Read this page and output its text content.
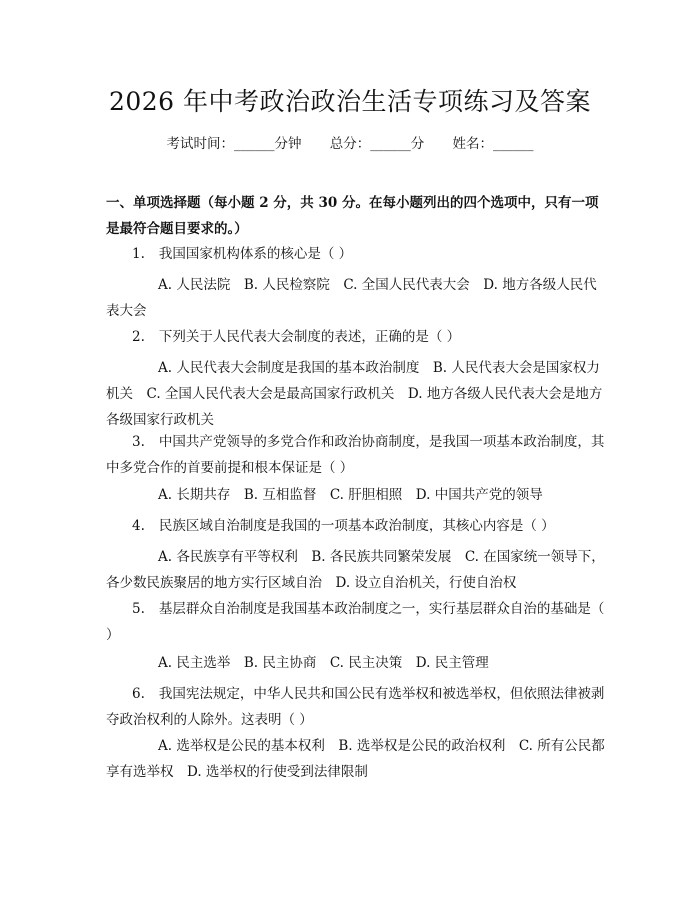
2026 年中考政治政治生活专项练习及答案
考试时间：______分钟 总分：______分 姓名：______
一、单项选择题（每小题 2 分，共 30 分。在每小题列出的四个选项中，只有一项是最符合题目要求的。）
1. 我国国家机构体系的核心是（ ）
A. 人民法院　B. 人民检察院　C. 全国人民代表大会　D. 地方各级人民代表大会
2. 下列关于人民代表大会制度的表述，正确的是（ ）
A. 人民代表大会制度是我国的基本政治制度　B. 人民代表大会是国家权力机关　C. 全国人民代表大会是最高国家行政机关　D. 地方各级人民代表大会是地方各级国家行政机关
3. 中国共产党领导的多党合作和政治协商制度，是我国一项基本政治制度，其中多党合作的首要前提和根本保证是（ ）
A. 长期共存　B. 互相监督　C. 肝胆相照　D. 中国共产党的领导
4. 民族区域自治制度是我国的一项基本政治制度，其核心内容是（ ）
A. 各民族享有平等权利　B. 各民族共同繁荣发展　C. 在国家统一领导下，各少数民族聚居的地方实行区域自治　D. 设立自治机关，行使自治权
5. 基层群众自治制度是我国基本政治制度之一，实行基层群众自治的基础是（ ）
A. 民主选举　B. 民主协商　C. 民主决策　D. 民主管理
6. 我国宪法规定，中华人民共和国公民有选举权和被选举权，但依照法律被剥夺政治权利的人除外。这表明（ ）
A. 选举权是公民的基本权利　B. 选举权是公民的政治权利　C. 所有公民都享有选举权　D. 选举权的行使受到法律限制
